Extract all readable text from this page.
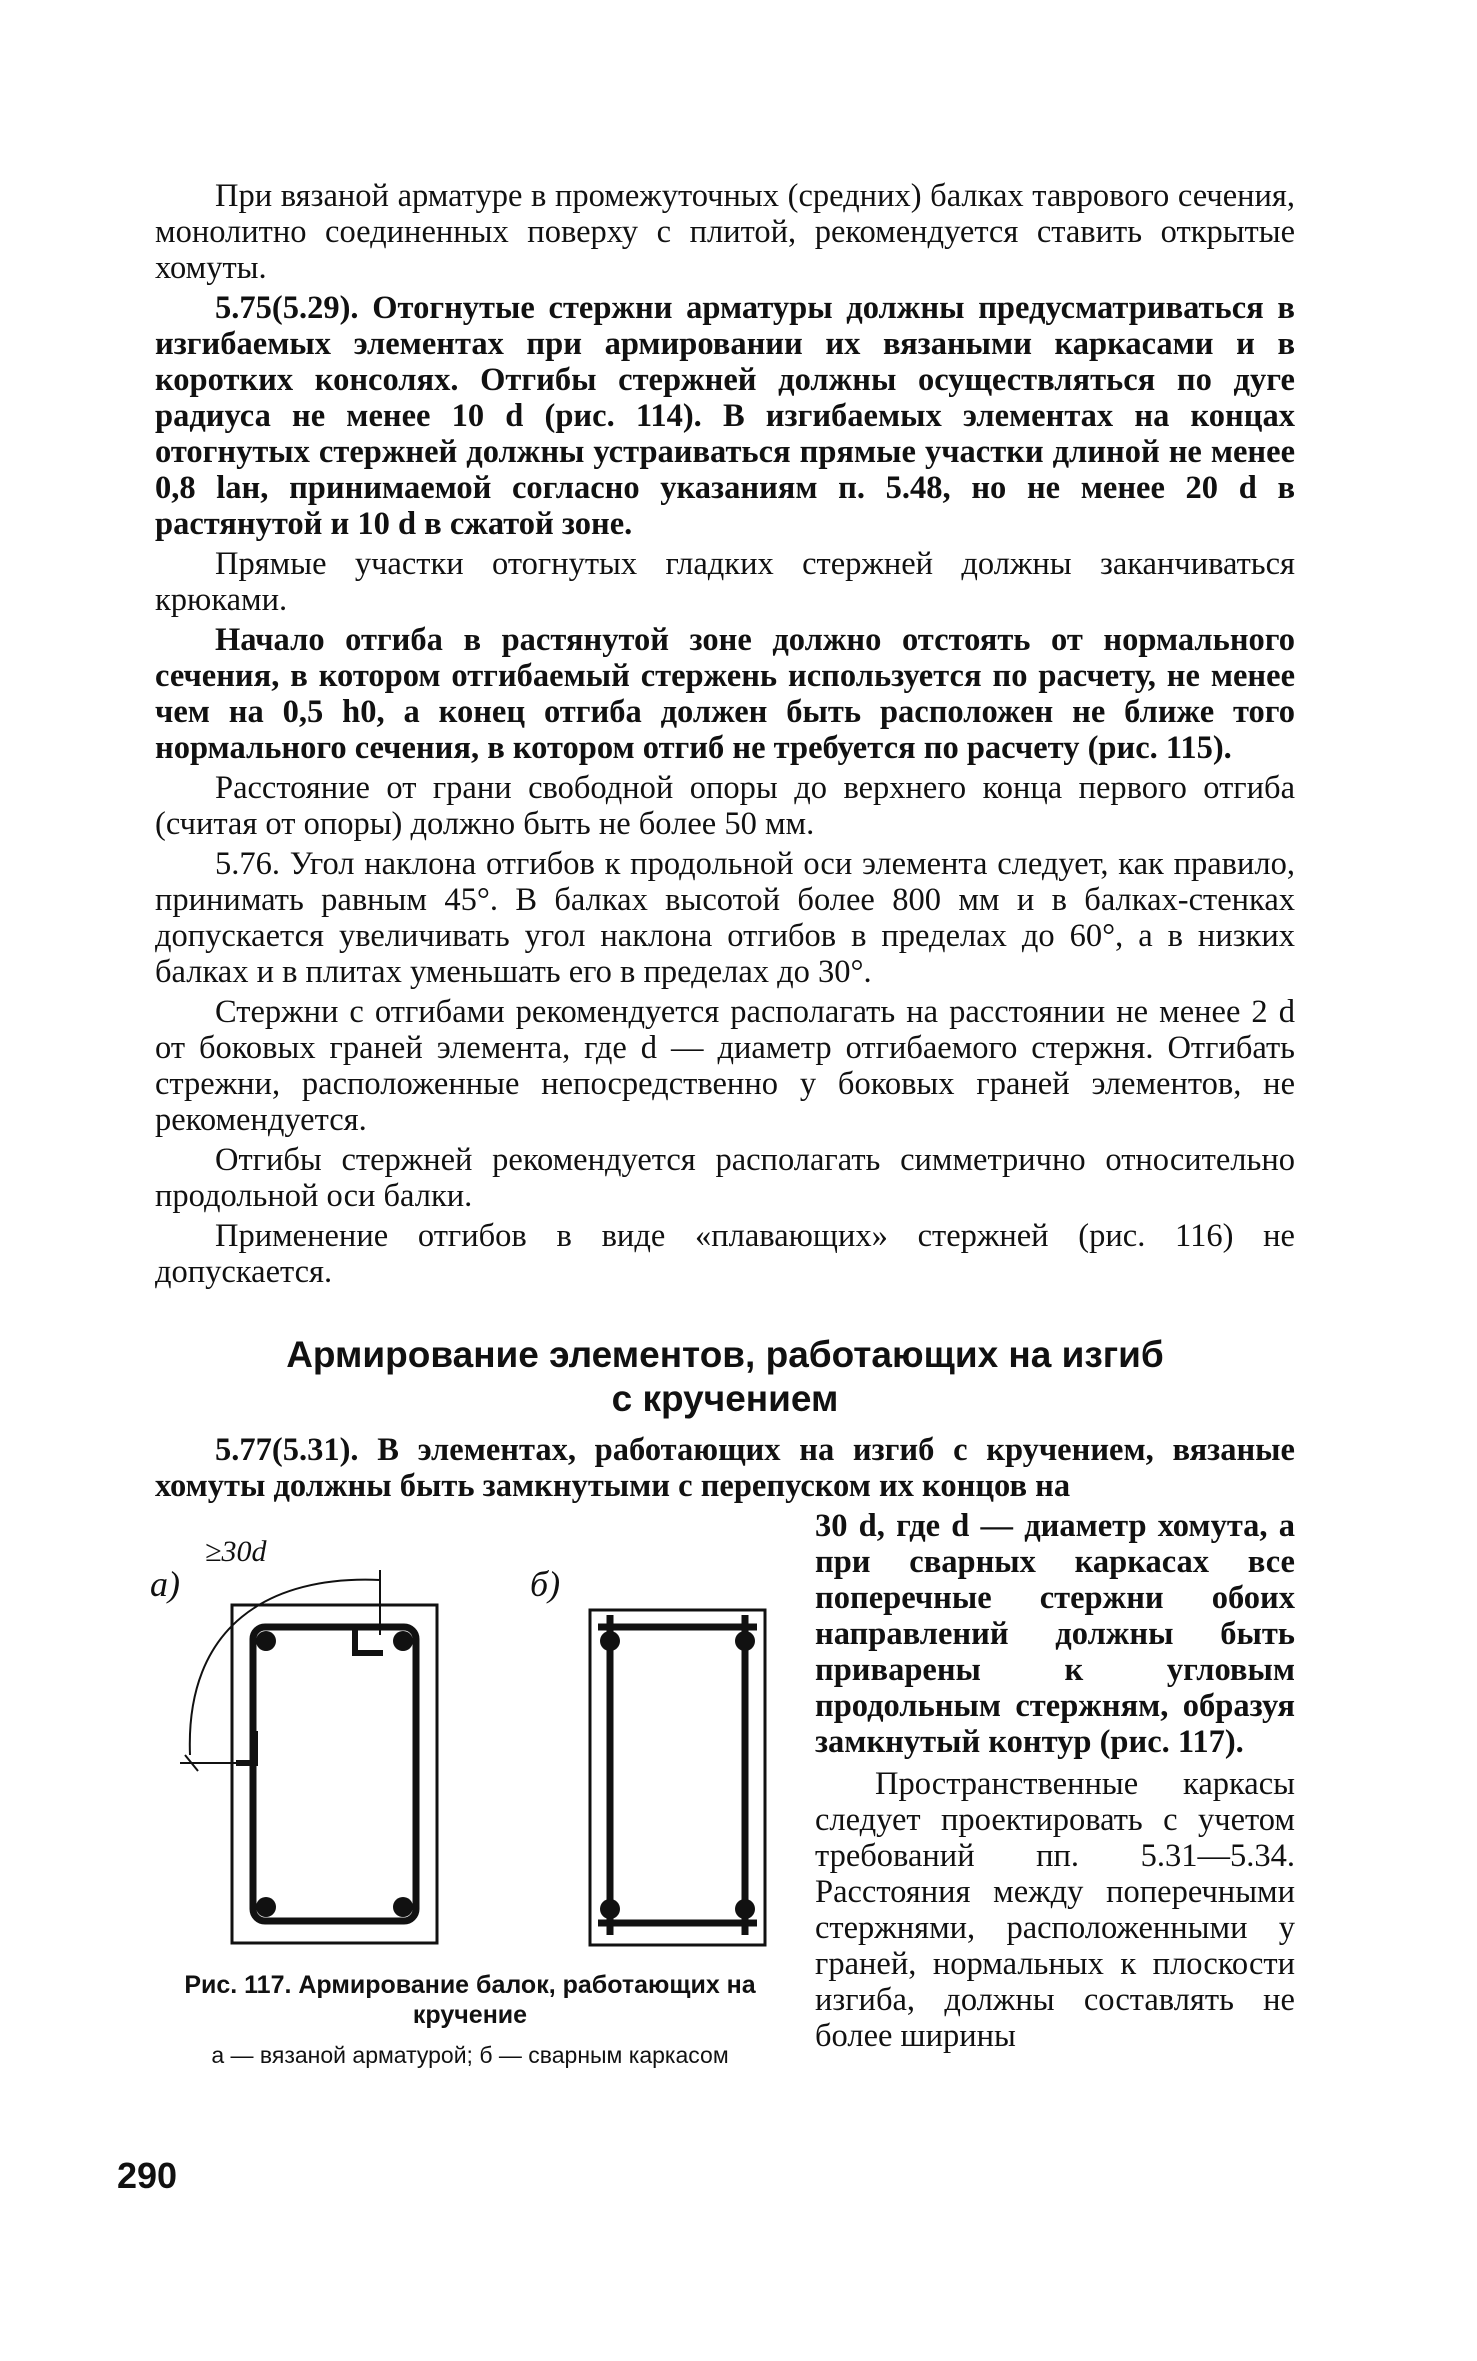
При вязаной арматуре в промежуточных (средних) балках таврового сечения, монолитно соединенных поверху с плитой, рекомендуется ставить открытые хомуты.

5.75(5.29). Отогнутые стержни арматуры должны предусматриваться в изгибаемых элементах при армировании их вязаными каркасами и в коротких консолях. Отгибы стержней должны осуществляться по дуге радиуса не менее 10 d (рис. 114). В изгибаемых элементах на концах отогнутых стержней должны устраиваться прямые участки длиной не менее 0,8 lан, принимаемой согласно указаниям п. 5.48, но не менее 20 d в растянутой и 10 d в сжатой зоне.

Прямые участки отогнутых гладких стержней должны заканчиваться крюками.

Начало отгиба в растянутой зоне должно отстоять от нормального сечения, в котором отгибаемый стержень используется по расчету, не менее чем на 0,5 h0, а конец отгиба должен быть расположен не ближе того нормального сечения, в котором отгиб не требуется по расчету (рис. 115).

Расстояние от грани свободной опоры до верхнего конца первого отгиба (считая от опоры) должно быть не более 50 мм.

5.76. Угол наклона отгибов к продольной оси элемента следует, как правило, принимать равным 45°. В балках высотой более 800 мм и в балках-стенках допускается увеличивать угол наклона отгибов в пределах до 60°, а в низких балках и в плитах уменьшать его в пределах до 30°.

Стержни с отгибами рекомендуется располагать на расстоянии не менее 2 d от боковых граней элемента, где d — диаметр отгибаемого стержня. Отгибать стрежни, расположенные непосредственно у боковых граней элементов, не рекомендуется.

Отгибы стержней рекомендуется располагать симметрично относительно продольной оси балки.

Применение отгибов в виде «плавающих» стержней (рис. 116) не допускается.

Армирование элементов, работающих на изгиб
с кручением
5.77(5.31). В элементах, работающих на изгиб с кручением, вязаные хомуты должны быть замкнутыми с перепуском их концов на
30 d, где d — диаметр хомута, а при сварных каркасах все поперечные стержни обоих направлений должны быть приварены к угловым продольным стержням, образуя замкнутый контур (рис. 117).
Пространственные каркасы следует проектировать с учетом требований пп. 5.31—5.34. Расстояния между поперечными стержнями, расположенными у граней, нормальных к плоскости изгиба, должны составлять не более ширины
а)	б)
≥30d
Рис. 117. Армирование балок, работающих на кручение
а — вязаной арматурой; б — сварным каркасом
290
